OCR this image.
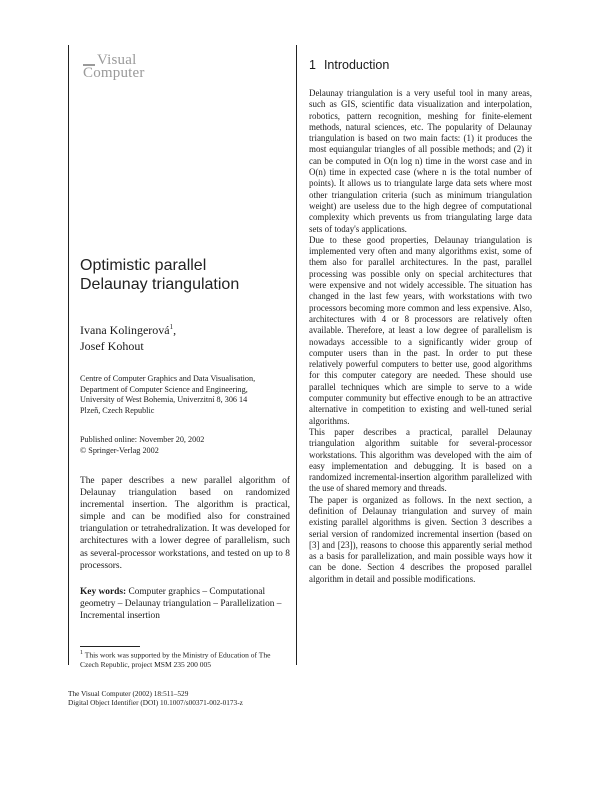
Visual
Computer
Optimistic parallel
Delaunay triangulation
Ivana Kolingerová$^1$,
Josef Kohout
Centre of Computer Graphics and Data Visualisation,
Department of Computer Science and Engineering,
University of West Bohemia, Univerzitní 8, 306 14
Plzeň, Czech Republic
Published online: November 20, 2002
© Springer-Verlag 2002
The paper describes a new parallel algorithm of Delaunay triangulation based on randomized incremental insertion. The algorithm is practical, simple and can be modified also for constrained triangulation or tetrahedralization. It was developed for architectures with a lower degree of parallelism, such as several-processor workstations, and tested on up to 8 processors.
Key words: Computer graphics – Computational geometry – Delaunay triangulation – Parallelization – Incremental insertion
$^1$ This work was supported by the Ministry of Education of The Czech Republic, project MSM 235 200 005
1 Introduction

Delaunay triangulation is a very useful tool in many areas, such as GIS, scientific data visualization and interpolation, robotics, pattern recognition, meshing for finite-element methods, natural sciences, etc. The popularity of Delaunay triangulation is based on two main facts: (1) it produces the most equiangular triangles of all possible methods; and (2) it can be computed in O(n log n) time in the worst case and in O(n) time in expected case (where n is the total number of points). It allows us to triangulate large data sets where most other triangulation criteria (such as minimum triangulation weight) are useless due to the high degree of computational complexity which prevents us from triangulating large data sets of today's applications.

Due to these good properties, Delaunay triangulation is implemented very often and many algorithms exist, some of them also for parallel architectures. In the past, parallel processing was possible only on special architectures that were expensive and not widely accessible. The situation has changed in the last few years, with workstations with two processors becoming more common and less expensive. Also, architectures with 4 or 8 processors are relatively often available. Therefore, at least a low degree of parallelism is nowadays accessible to a significantly wider group of computer users than in the past. In order to put these relatively powerful computers to better use, good algorithms for this computer category are needed. These should use parallel techniques which are simple to serve to a wide computer community but effective enough to be an attractive alternative in competition to existing and well-tuned serial algorithms.

This paper describes a practical, parallel Delaunay triangulation algorithm suitable for several-processor workstations. This algorithm was developed with the aim of easy implementation and debugging. It is based on a randomized incremental-insertion algorithm parallelized with the use of shared memory and threads.

The paper is organized as follows. In the next section, a definition of Delaunay triangulation and survey of main existing parallel algorithms is given. Section 3 describes a serial version of randomized incremental insertion (based on [3] and [23]), reasons to choose this apparently serial method as a basis for parallelization, and main possible ways how it can be done. Section 4 describes the proposed parallel algorithm in detail and possible modifications.

The Visual Computer (2002) 18:511–529
Digital Object Identifier (DOI) 10.1007/s00371-002-0173-z
